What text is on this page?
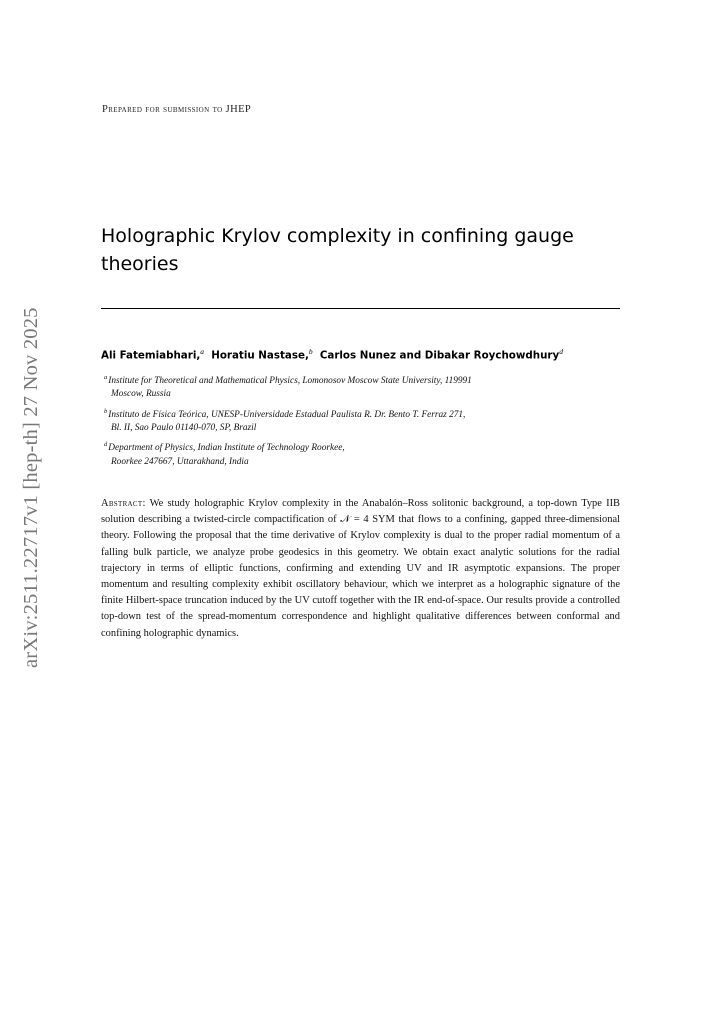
arXiv:2511.22717v1 [hep-th] 27 Nov 2025
Prepared for submission to JHEP
Holographic Krylov complexity in confining gauge
theories
Ali Fatemiabhari,$^a$ Horatiu Nastase,$^b$ Carlos Nunez and Dibakar Roychowdhury$^d$
$^a$Institute for Theoretical and Mathematical Physics, Lomonosov Moscow State University, 119991
Moscow, Russia
$^b$Instituto de Física Teórica, UNESP-Universidade Estadual Paulista R. Dr. Bento T. Ferraz 271,
Bl. II, Sao Paulo 01140-070, SP, Brazil
$^d$Department of Physics, Indian Institute of Technology Roorkee,
Roorkee 247667, Uttarakhand, India
Abstract: We study holographic Krylov complexity in the Anabalón–Ross solitonic background, a top-down Type IIB solution describing a twisted-circle compactification of 𝒩 = 4 SYM that flows to a confining, gapped three-dimensional theory. Following the proposal that the time derivative of Krylov complexity is dual to the proper radial momentum of a falling bulk particle, we analyze probe geodesics in this geometry. We obtain exact analytic solutions for the radial trajectory in terms of elliptic functions, confirming and extending UV and IR asymptotic expansions. The proper momentum and resulting complexity exhibit oscillatory behaviour, which we interpret as a holographic signature of the finite Hilbert-space truncation induced by the UV cutoff together with the IR end-of-space. Our results provide a controlled top-down test of the spread-momentum correspondence and highlight qualitative differences between conformal and confining holographic dynamics.
